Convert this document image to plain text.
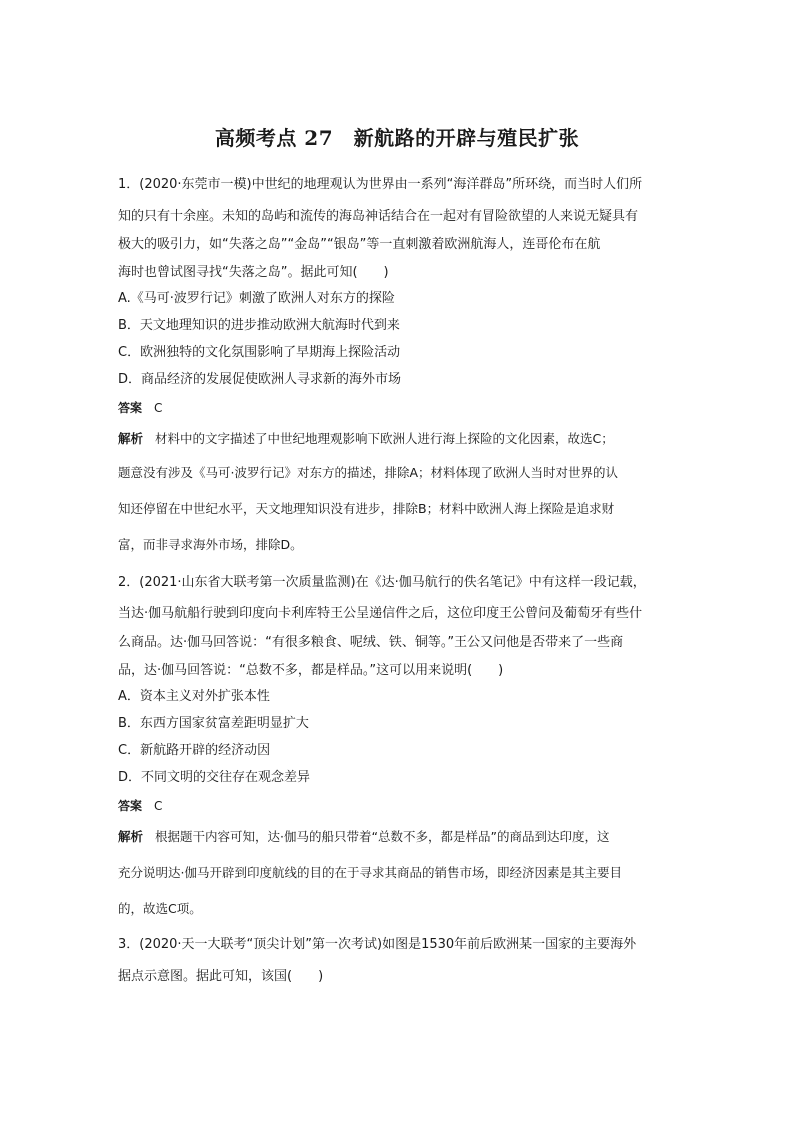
高频考点 27　新航路的开辟与殖民扩张
1．(2020·东莞市一模)中世纪的地理观认为世界由一系列“海洋群岛”所环绕，而当时人们所
知的只有十余座。未知的岛屿和流传的海岛神话结合在一起对有冒险欲望的人来说无疑具有
极大的吸引力，如“失落之岛”“金岛”“银岛”等一直刺激着欧洲航海人，连哥伦布在航
海时也曾试图寻找“失落之岛”。据此可知(　　)
A.《马可·波罗行记》刺激了欧洲人对东方的探险
B．天文地理知识的进步推动欧洲大航海时代到来
C．欧洲独特的文化氛围影响了早期海上探险活动
D．商品经济的发展促使欧洲人寻求新的海外市场
答案 C
解析 材料中的文字描述了中世纪地理观影响下欧洲人进行海上探险的文化因素，故选C；
题意没有涉及《马可·波罗行记》对东方的描述，排除A；材料体现了欧洲人当时对世界的认
知还停留在中世纪水平，天文地理知识没有进步，排除B；材料中欧洲人海上探险是追求财
富，而非寻求海外市场，排除D。
2．(2021·山东省大联考第一次质量监测)在《达·伽马航行的佚名笔记》中有这样一段记载，
当达·伽马航船行驶到印度向卡利库特王公呈递信件之后，这位印度王公曾问及葡萄牙有些什
么商品。达·伽马回答说：“有很多粮食、呢绒、铁、铜等。”王公又问他是否带来了一些商
品，达·伽马回答说：“总数不多，都是样品。”这可以用来说明(　　)
A．资本主义对外扩张本性
B．东西方国家贫富差距明显扩大
C．新航路开辟的经济动因
D．不同文明的交往存在观念差异
答案 C
解析 根据题干内容可知，达·伽马的船只带着“总数不多，都是样品”的商品到达印度，这
充分说明达·伽马开辟到印度航线的目的在于寻求其商品的销售市场，即经济因素是其主要目
的，故选C项。
3．(2020·天一大联考“顶尖计划”第一次考试)如图是1530年前后欧洲某一国家的主要海外
据点示意图。据此可知，该国(　　)
